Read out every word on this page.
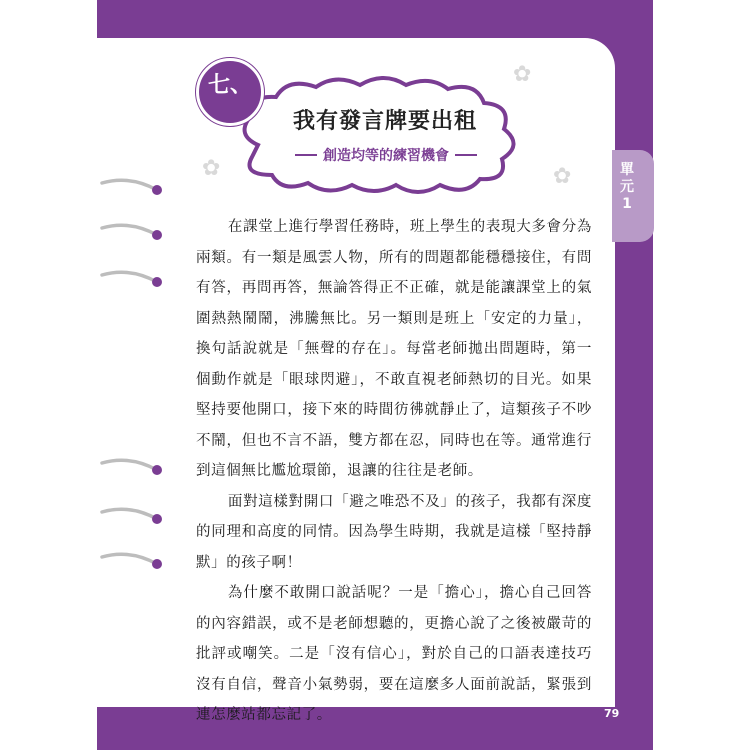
七、
我有發言牌要出租
創造均等的練習機會
✿
✿	✿	單元1

在課堂上進行學習任務時，班上學生的表現大多會分為兩類。有一類是風雲人物，所有的問題都能穩穩接住，有問有答，再問再答，無論答得正不正確，就是能讓課堂上的氣圍熱熱鬧鬧，沸騰無比。另一類則是班上「安定的力量」，換句話說就是「無聲的存在」。每當老師拋出問題時，第一個動作就是「眼球閃避」，不敢直視老師熱切的目光。如果堅持要他開口，接下來的時間彷彿就靜止了，這類孩子不吵不鬧，但也不言不語，雙方都在忍，同時也在等。通常進行到這個無比尷尬環節，退讓的往往是老師。

面對這樣對開口「避之唯恐不及」的孩子，我都有深度的同理和高度的同情。因為學生時期，我就是這樣「堅持靜默」的孩子啊！

為什麼不敢開口說話呢？一是「擔心」，擔心自己回答的內容錯誤，或不是老師想聽的，更擔心說了之後被嚴苛的批評或嘲笑。二是「沒有信心」，對於自己的口語表達技巧沒有自信，聲音小氣勢弱，要在這麼多人面前說話，緊張到連怎麼站都忘記了。	79
